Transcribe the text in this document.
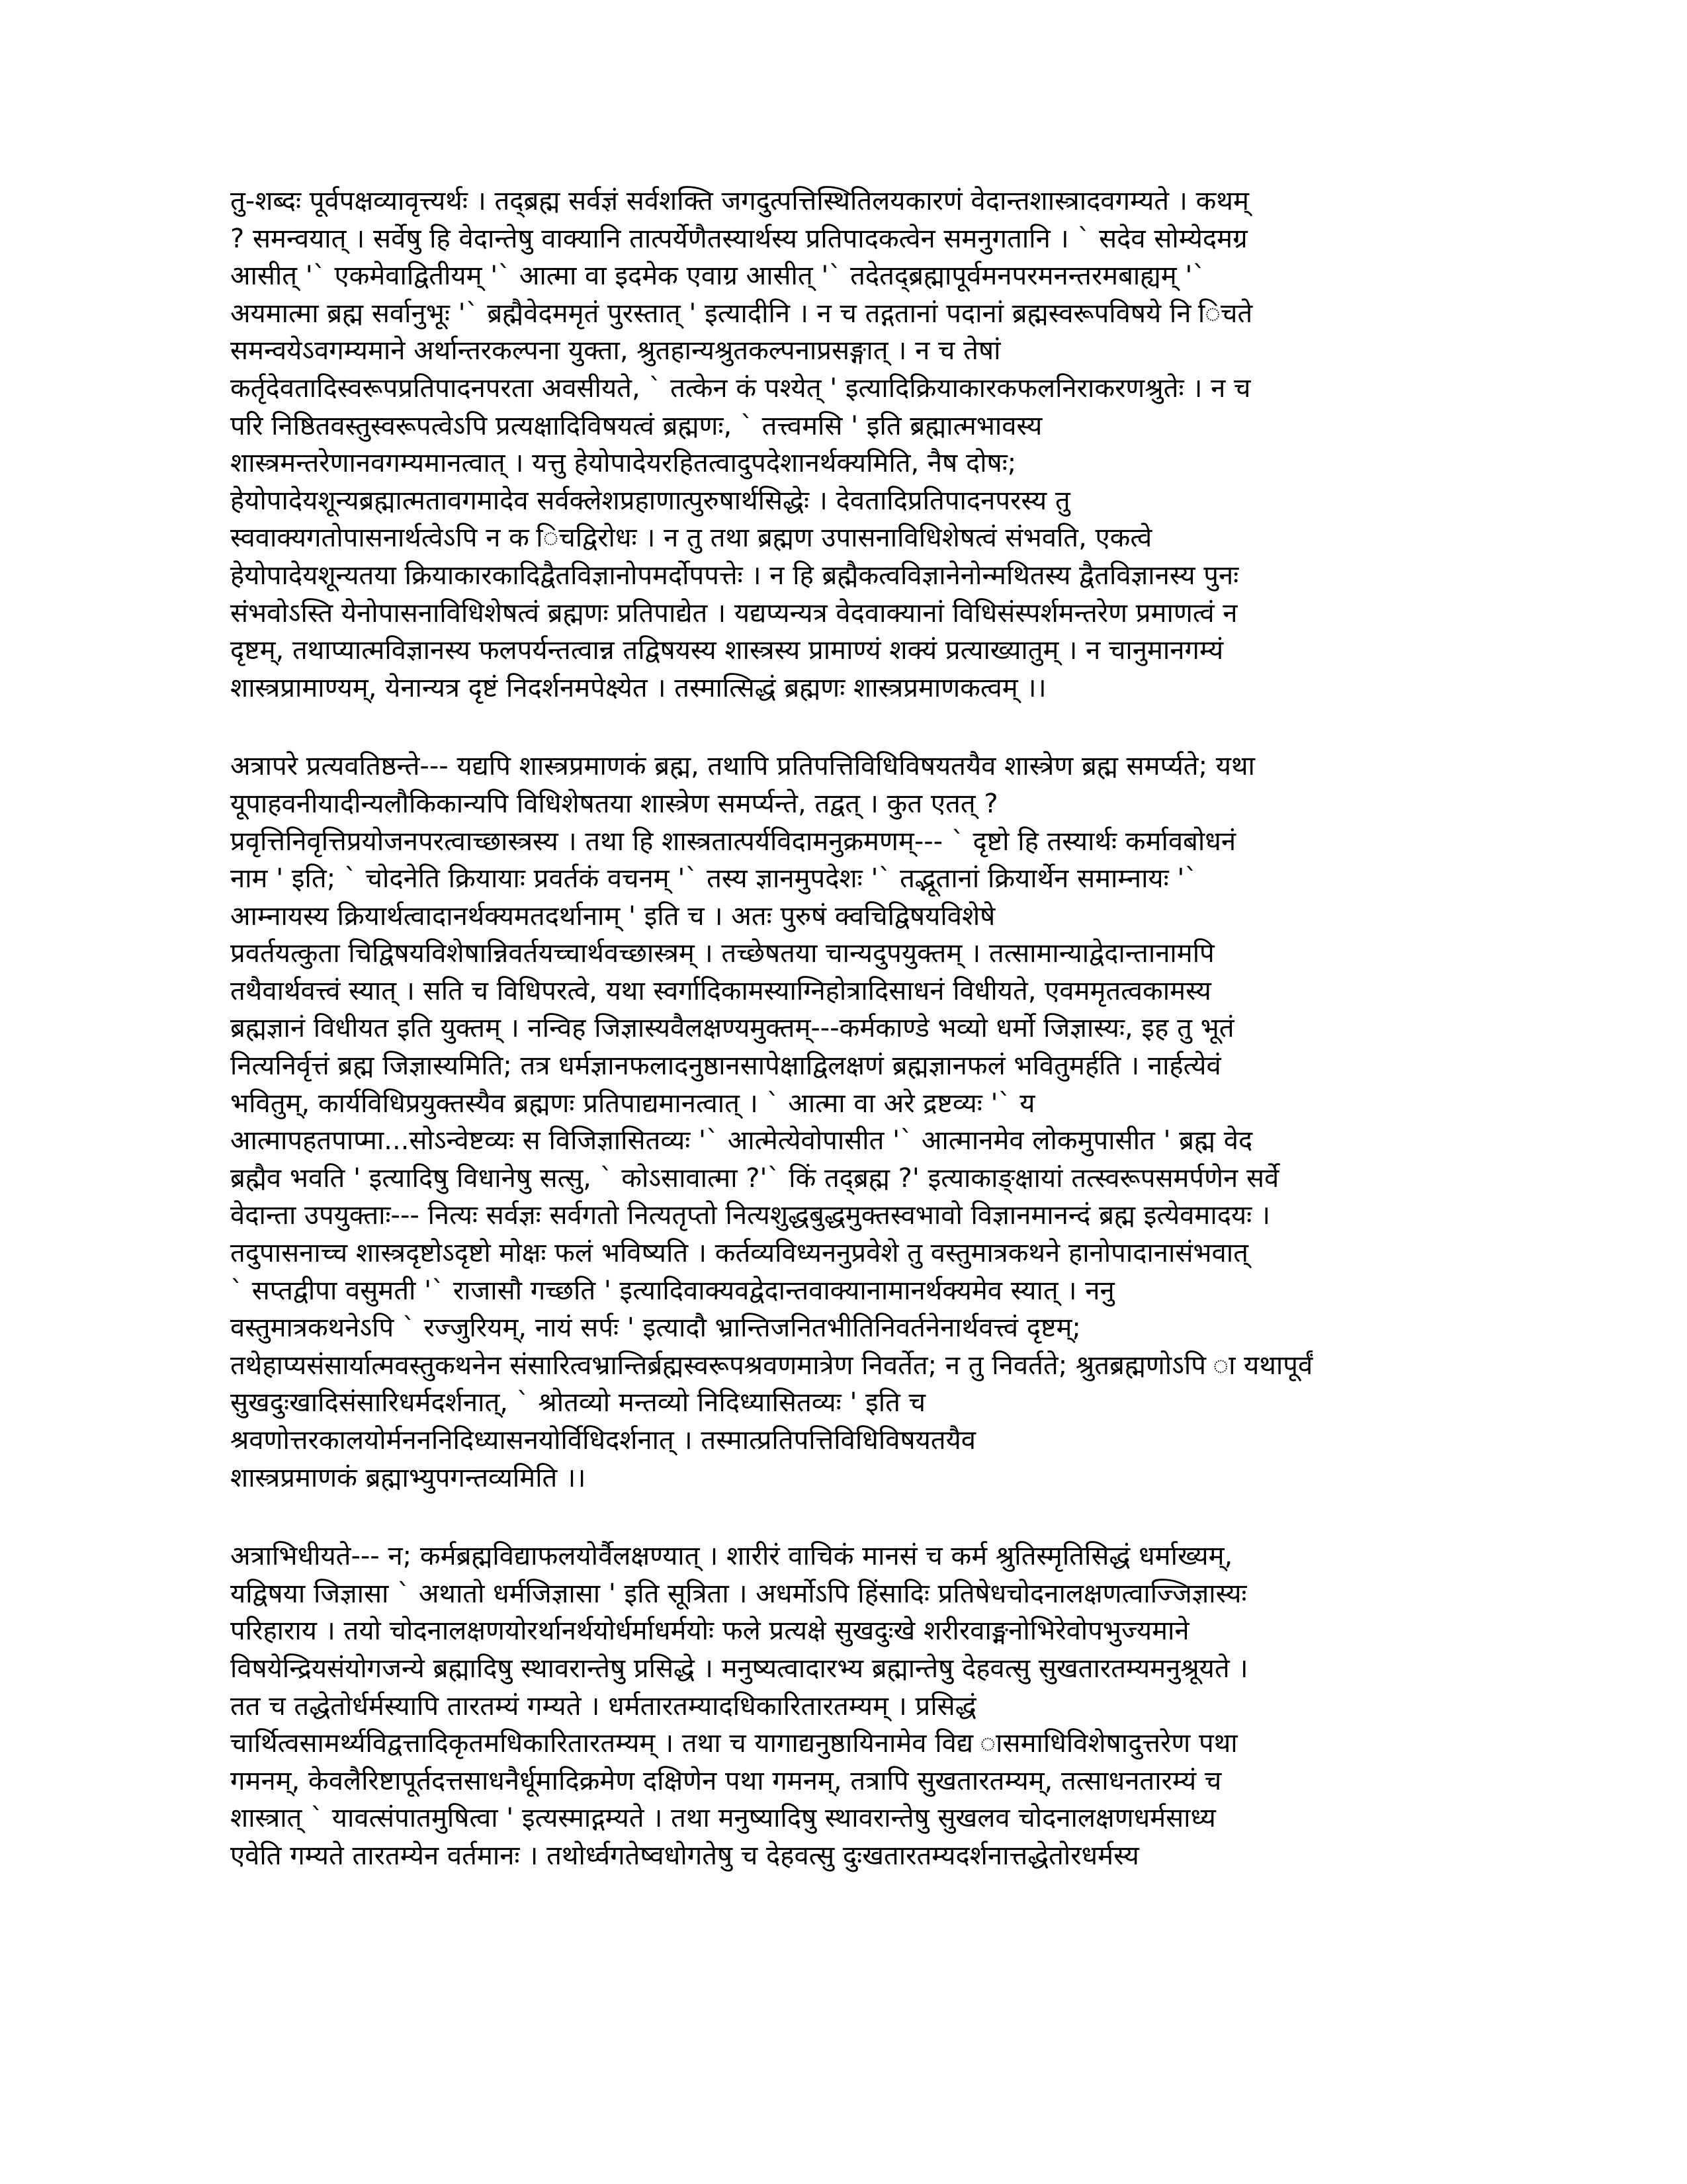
तु-शब्दः पूर्वपक्षव्यावृत्त्यर्थः । तद्ब्रह्म सर्वज्ञं सर्वशक्ति जगदुत्पत्तिस्थितिलयकारणं वेदान्तशास्त्रादवगम्यते । कथम्
? समन्वयात् । सर्वेषु हि वेदान्तेषु वाक्यानि तात्पर्येणैतस्यार्थस्य प्रतिपादकत्वेन समनुगतानि । ` सदेव सोम्येदमग्र
आसीत् '` एकमेवाद्वितीयम् '` आत्मा वा इदमेक एवाग्र आसीत् '` तदेतद्ब्रह्मापूर्वमनपरमनन्तरमबाह्यम् '`
अयमात्मा ब्रह्म सर्वानुभूः '` ब्रह्मैवेदममृतं पुरस्तात् ' इत्यादीनि । न च तद्गतानां पदानां ब्रह्मस्वरूपविषये नि िचते
समन्वयेऽवगम्यमाने अर्थान्तरकल्पना युक्ता, श्रुतहान्यश्रुतकल्पनाप्रसङ्गात् । न च तेषां
कर्तृदेवतादिस्वरूपप्रतिपादनपरता अवसीयते, ` तत्केन कं पश्येत् ' इत्यादिक्रियाकारकफलनिराकरणश्रुतेः । न च
परि निष्ठितवस्तुस्वरूपत्वेऽपि प्रत्यक्षादिविषयत्वं ब्रह्मणः, ` तत्त्वमसि ' इति ब्रह्मात्मभावस्य
शास्त्रमन्तरेणानवगम्यमानत्वात् । यत्तु हेयोपादेयरहितत्वादुपदेशानर्थक्यमिति, नैष दोषः;
हेयोपादेयशून्यब्रह्मात्मतावगमादेव सर्वक्लेशप्रहाणात्पुरुषार्थसिद्धेः । देवतादिप्रतिपादनपरस्य तु
स्ववाक्यगतोपासनार्थत्वेऽपि न क िचद्विरोधः । न तु तथा ब्रह्मण उपासनाविधिशेषत्वं संभवति, एकत्वे
हेयोपादेयशून्यतया क्रियाकारकादिद्वैतविज्ञानोपमर्दोपपत्तेः । न हि ब्रह्मैकत्वविज्ञानेनोन्मथितस्य द्वैतविज्ञानस्य पुनः
संभवोऽस्ति येनोपासनाविधिशेषत्वं ब्रह्मणः प्रतिपाद्येत । यद्यप्यन्यत्र वेदवाक्यानां विधिसंस्पर्शमन्तरेण प्रमाणत्वं न
दृष्टम्, तथाप्यात्मविज्ञानस्य फलपर्यन्तत्वान्न तद्विषयस्य शास्त्रस्य प्रामाण्यं शक्यं प्रत्याख्यातुम् । न चानुमानगम्यं
शास्त्रप्रामाण्यम्, येनान्यत्र दृष्टं निदर्शनमपेक्ष्येत । तस्मात्सिद्धं ब्रह्मणः शास्त्रप्रमाणकत्वम् ।।
अत्रापरे प्रत्यवतिष्ठन्ते--- यद्यपि शास्त्रप्रमाणकं ब्रह्म, तथापि प्रतिपत्तिविधिविषयतयैव शास्त्रेण ब्रह्म समर्प्यते; यथा
यूपाहवनीयादीन्यलौकिकान्यपि विधिशेषतया शास्त्रेण समर्प्यन्ते, तद्वत् । कुत एतत् ?
प्रवृत्तिनिवृत्तिप्रयोजनपरत्वाच्छास्त्रस्य । तथा हि शास्त्रतात्पर्यविदामनुक्रमणम्--- ` दृष्टो हि तस्यार्थः कर्मावबोधनं
नाम ' इति; ` चोदनेति क्रियायाः प्रवर्तकं वचनम् '` तस्य ज्ञानमुपदेशः '` तद्भूतानां क्रियार्थेन समाम्नायः '`
आम्नायस्य क्रियार्थत्वादानर्थक्यमतदर्थानाम् ' इति च । अतः पुरुषं क्वचिद्विषयविशेषे
प्रवर्तयत्कुता चिद्विषयविशेषान्निवर्तयच्चार्थवच्छास्त्रम् । तच्छेषतया चान्यदुपयुक्तम् । तत्सामान्याद्वेदान्तानामपि
तथैवार्थवत्त्वं स्यात् । सति च विधिपरत्वे, यथा स्वर्गादिकामस्याग्निहोत्रादिसाधनं विधीयते, एवममृतत्वकामस्य
ब्रह्मज्ञानं विधीयत इति युक्तम् । नन्विह जिज्ञास्यवैलक्षण्यमुक्तम्---कर्मकाण्डे भव्यो धर्मो जिज्ञास्यः, इह तु भूतं
नित्यनिर्वृत्तं ब्रह्म जिज्ञास्यमिति; तत्र धर्मज्ञानफलादनुष्ठानसापेक्षाद्विलक्षणं ब्रह्मज्ञानफलं भवितुमर्हति । नार्हत्येवं
भवितुम्, कार्यविधिप्रयुक्तस्यैव ब्रह्मणः प्रतिपाद्यमानत्वात् । ` आत्मा वा अरे द्रष्टव्यः '` य
आत्मापहतपाप्मा...सोऽन्वेष्टव्यः स विजिज्ञासितव्यः '` आत्मेत्येवोपासीत '` आत्मानमेव लोकमुपासीत ' ब्रह्म वेद
ब्रह्मैव भवति ' इत्यादिषु विधानेषु सत्सु, ` कोऽसावात्मा ?'` किं तद्ब्रह्म ?' इत्याकाङ्क्षायां तत्स्वरूपसमर्पणेन सर्वे
वेदान्ता उपयुक्ताः--- नित्यः सर्वज्ञः सर्वगतो नित्यतृप्तो नित्यशुद्धबुद्धमुक्तस्वभावो विज्ञानमानन्दं ब्रह्म इत्येवमादयः ।
तदुपासनाच्च शास्त्रदृष्टोऽदृष्टो मोक्षः फलं भविष्यति । कर्तव्यविध्यननुप्रवेशे तु वस्तुमात्रकथने हानोपादानासंभवात्
` सप्तद्वीपा वसुमती '` राजासौ गच्छति ' इत्यादिवाक्यवद्वेदान्तवाक्यानामानर्थक्यमेव स्यात् । ननु
वस्तुमात्रकथनेऽपि ` रज्जुरियम्, नायं सर्पः ' इत्यादौ भ्रान्तिजनितभीतिनिवर्तनेनार्थवत्त्वं दृष्टम्;
तथेहाप्यसंसार्यात्मवस्तुकथनेन संसारित्वभ्रान्तिर्ब्रह्मस्वरूपश्रवणमात्रेण निवर्तेत; न तु निवर्तते; श्रुतब्रह्मणोऽपि ा यथापूर्वं
सुखदुःखादिसंसारिधर्मदर्शनात्, ` श्रोतव्यो मन्तव्यो निदिध्यासितव्यः ' इति च
श्रवणोत्तरकालयोर्मनननिदिध्यासनयोर्विधिदर्शनात् । तस्मात्प्रतिपत्तिविधिविषयतयैव
शास्त्रप्रमाणकं ब्रह्माभ्युपगन्तव्यमिति ।।
अत्राभिधीयते--- न; कर्मब्रह्मविद्याफलयोर्वैलक्षण्यात् । शारीरं वाचिकं मानसं च कर्म श्रुतिस्मृतिसिद्धं धर्माख्यम्,
यद्विषया जिज्ञासा ` अथातो धर्मजिज्ञासा ' इति सूत्रिता । अधर्मोऽपि हिंसादिः प्रतिषेधचोदनालक्षणत्वाज्जिज्ञास्यः
परिहाराय । तयो चोदनालक्षणयोरर्थानर्थयोर्धर्माधर्मयोः फले प्रत्यक्षे सुखदुःखे शरीरवाङ्मनोभिरेवोपभुज्यमाने
विषयेन्द्रियसंयोगजन्ये ब्रह्मादिषु स्थावरान्तेषु प्रसिद्धे । मनुष्यत्वादारभ्य ब्रह्मान्तेषु देहवत्सु सुखतारतम्यमनुश्रूयते ।
तत च तद्धेतोर्धर्मस्यापि तारतम्यं गम्यते । धर्मतारतम्यादधिकारितारतम्यम् । प्रसिद्धं
चार्थित्वसामर्थ्यविद्वत्तादिकृतमधिकारितारतम्यम् । तथा च यागाद्यनुष्ठायिनामेव विद्य ासमाधिविशेषादुत्तरेण पथा
गमनम्, केवलैरिष्टापूर्तदत्तसाधनैर्धूमादिक्रमेण दक्षिणेन पथा गमनम्, तत्रापि सुखतारतम्यम्, तत्साधनतारम्यं च
शास्त्रात् ` यावत्संपातमुषित्वा ' इत्यस्माद्गम्यते । तथा मनुष्यादिषु स्थावरान्तेषु सुखलव चोदनालक्षणधर्मसाध्य
एवेति गम्यते तारतम्येन वर्तमानः । तथोर्ध्वगतेष्वधोगतेषु च देहवत्सु दुःखतारतम्यदर्शनात्तद्धेतोरधर्मस्य
